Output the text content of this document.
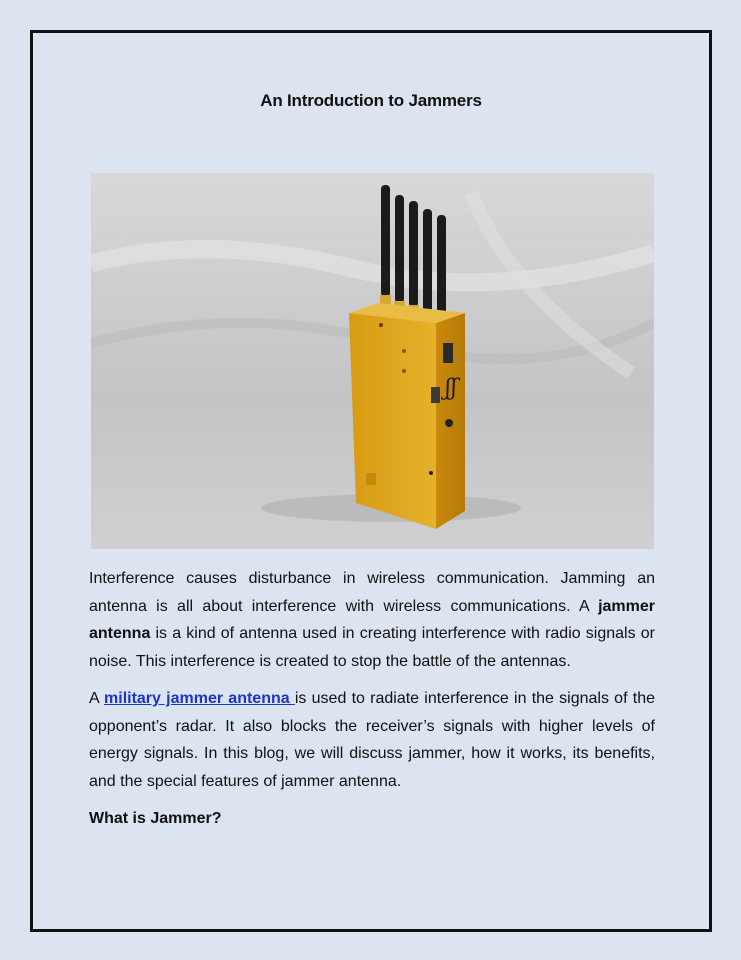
An Introduction to Jammers
ʃʃ

Interference causes disturbance in wireless communication. Jamming an antenna is all about interference with wireless communications. A jammer antenna is a kind of antenna used in creating interference with radio signals or noise. This interference is created to stop the battle of the antennas.

A military jammer antenna is used to radiate interference in the signals of the opponent’s radar. It also blocks the receiver’s signals with higher levels of energy signals. In this blog, we will discuss jammer, how it works, its benefits, and the special features of jammer antenna.

What is Jammer?
